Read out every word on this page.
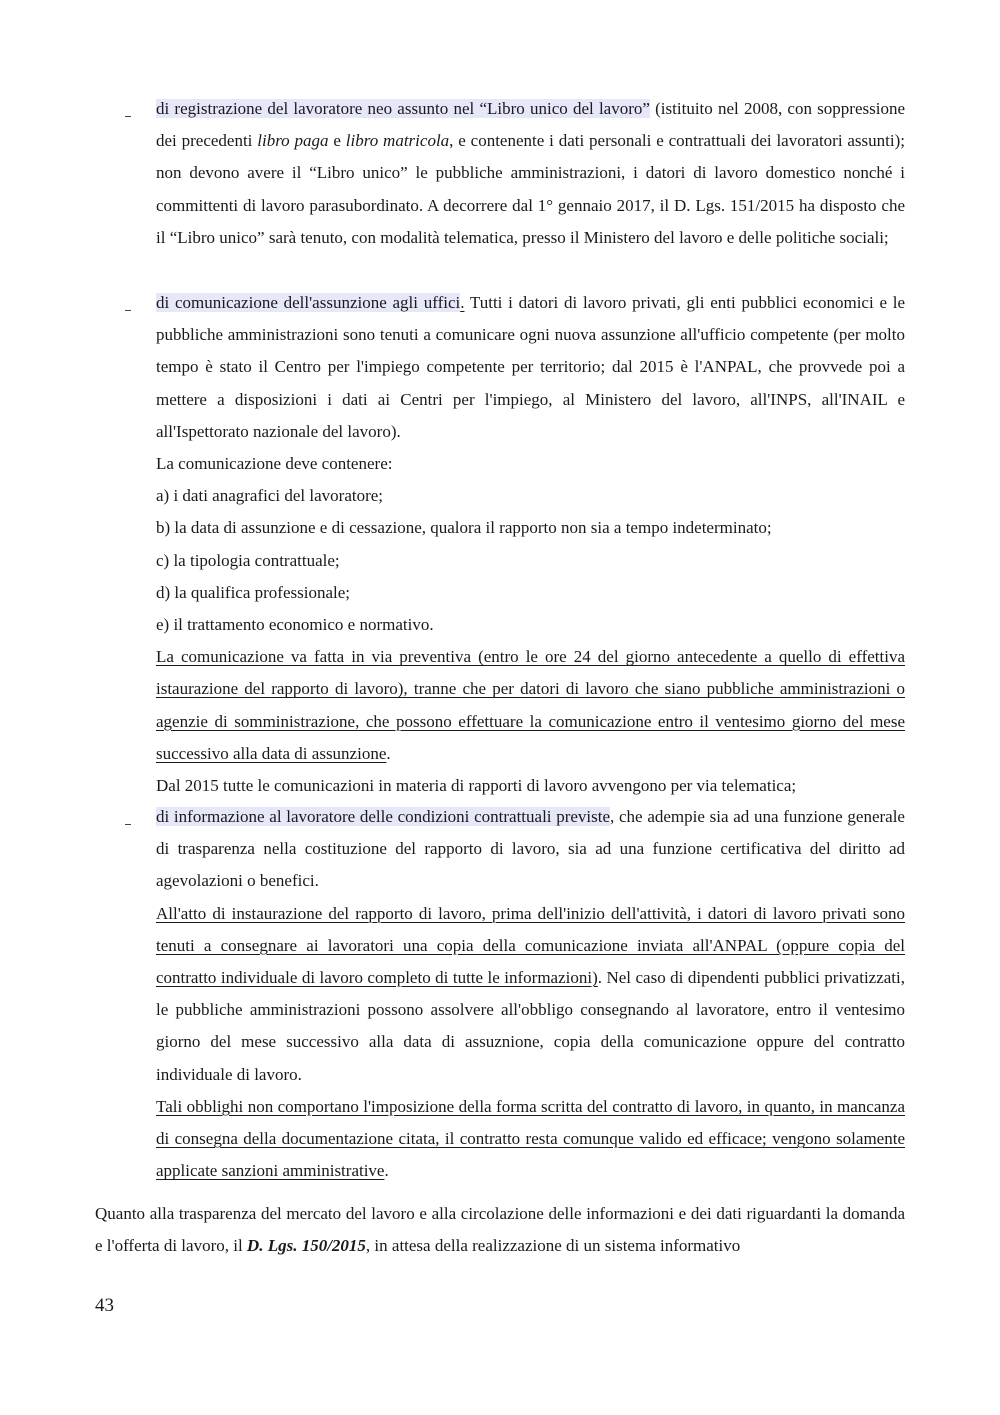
di registrazione del lavoratore neo assunto nel “Libro unico del lavoro” (istituito nel 2008, con soppressione dei precedenti libro paga e libro matricola, e contenente i dati personali e contrattuali dei lavoratori assunti); non devono avere il “Libro unico” le pubbliche amministrazioni, i datori di lavoro domestico nonché i committenti di lavoro parasubordinato. A decorrere dal 1° gennaio 2017, il D. Lgs. 151/2015 ha disposto che il “Libro unico” sarà tenuto, con modalità telematica, presso il Ministero del lavoro e delle politiche sociali;

di comunicazione dell'assunzione agli uffici. Tutti i datori di lavoro privati, gli enti pubblici economici e le pubbliche amministrazioni sono tenuti a comunicare ogni nuova assunzione all'ufficio competente (per molto tempo è stato il Centro per l'impiego competente per territorio; dal 2015 è l'ANPAL, che provvede poi a mettere a disposizioni i dati ai Centri per l'impiego, al Ministero del lavoro, all'INPS, all'INAIL e all'Ispettorato nazionale del lavoro).

La comunicazione deve contenere:

a) i dati anagrafici del lavoratore;

b) la data di assunzione e di cessazione, qualora il rapporto non sia a tempo indeterminato;

c) la tipologia contrattuale;

d) la qualifica professionale;

e) il trattamento economico e normativo.

La comunicazione va fatta in via preventiva (entro le ore 24 del giorno antecedente a quello di effettiva istaurazione del rapporto di lavoro), tranne che per datori di lavoro che siano pubbliche amministrazioni o agenzie di somministrazione, che possono effettuare la comunicazione entro il ventesimo giorno del mese successivo alla data di assunzione.

Dal 2015 tutte le comunicazioni in materia di rapporti di lavoro avvengono per via telematica;

di informazione al lavoratore delle condizioni contrattuali previste, che adempie sia ad una funzione generale di trasparenza nella costituzione del rapporto di lavoro, sia ad una funzione certificativa del diritto ad agevolazioni o benefici.

All'atto di instaurazione del rapporto di lavoro, prima dell'inizio dell'attività, i datori di lavoro privati sono tenuti a consegnare ai lavoratori una copia della comunicazione inviata all'ANPAL (oppure copia del contratto individuale di lavoro completo di tutte le informazioni). Nel caso di dipendenti pubblici privatizzati, le pubbliche amministrazioni possono assolvere all'obbligo consegnando al lavoratore, entro il ventesimo giorno del mese successivo alla data di assuznione, copia della comunicazione oppure del contratto individuale di lavoro.

Tali obblighi non comportano l'imposizione della forma scritta del contratto di lavoro, in quanto, in mancanza di consegna della documentazione citata, il contratto resta comunque valido ed efficace; vengono solamente applicate sanzioni amministrative.

Quanto alla trasparenza del mercato del lavoro e alla circolazione delle informazioni e dei dati riguardanti la domanda e l'offerta di lavoro, il D. Lgs. 150/2015, in attesa della realizzazione di un sistema informativo

43
